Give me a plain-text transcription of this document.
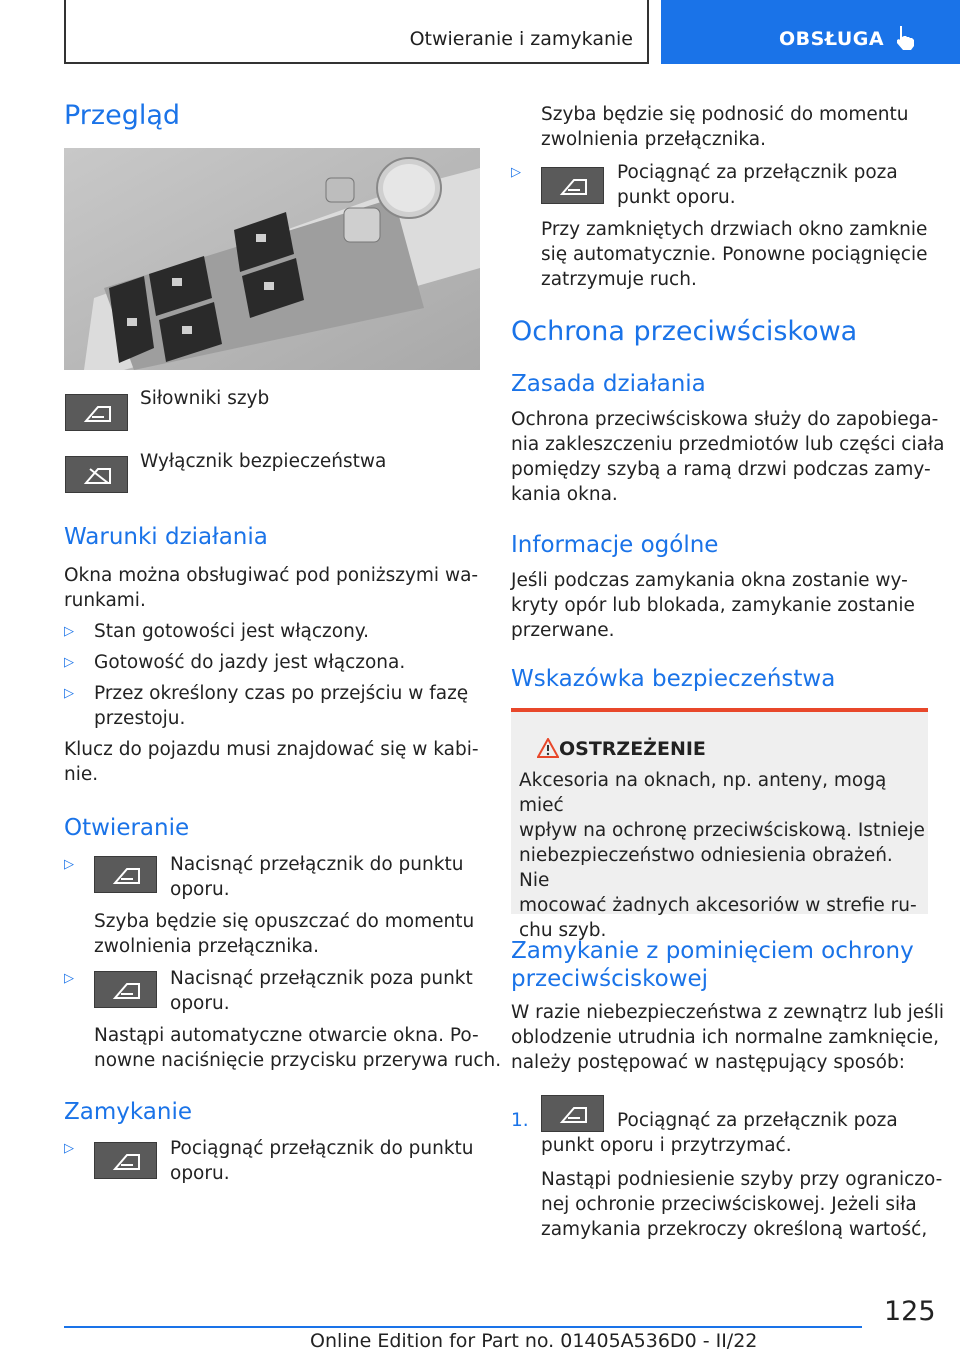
Otwieranie i zamykanie	OBSŁUGA
Przegląd
Siłowniki szyb
Wyłącznik bezpieczeństwa
Warunki działania
Okna można obsługiwać pod poniższymi wa-
runkami.
▷ Stan gotowości jest włączony.
▷ Gotowość do jazdy jest włączona.
▷ Przez określony czas po przejściu w fazę
przestoju.
Klucz do pojazdu musi znajdować się w kabi-
nie.
Otwieranie
▷	Nacisnąć przełącznik do punktu
oporu.
Szyba będzie się opuszczać do momentu
zwolnienia przełącznika.
▷	Nacisnąć przełącznik poza punkt
oporu.
Nastąpi automatyczne otwarcie okna. Po-
nowne naciśnięcie przycisku przerywa ruch.
Zamykanie
▷	Pociągnąć przełącznik do punktu
oporu.
Szyba będzie się podnosić do momentu
zwolnienia przełącznika.
▷	Pociągnąć za przełącznik poza
punkt oporu.
Przy zamkniętych drzwiach okno zamknie
się automatycznie. Ponowne pociągnięcie
zatrzymuje ruch.
Ochrona przeciwściskowa
Zasada działania
Ochrona przeciwściskowa służy do zapobiega-
nia zakleszczeniu przedmiotów lub części ciała
pomiędzy szybą a ramą drzwi podczas zamy-
kania okna.
Informacje ogólne
Jeśli podczas zamykania okna zostanie wy-
kryty opór lub blokada, zamykanie zostanie
przerwane.
Wskazówka bezpieczeństwa
OSTRZEŻENIE
Akcesoria na oknach, np. anteny, mogą mieć
wpływ na ochronę przeciwściskową. Istnieje
niebezpieczeństwo odniesienia obrażeń. Nie
mocować żadnych akcesoriów w strefie ru-
chu szyb.
Zamykanie z pominięciem ochrony
przeciwściskowej
W razie niebezpieczeństwa z zewnątrz lub jeśli
oblodzenie utrudnia ich normalne zamknięcie,
należy postępować w następujący sposób:
1.	Pociągnąć za przełącznik poza
punkt oporu i przytrzymać.
Nastąpi podniesienie szyby przy ograniczo-
nej ochronie przeciwściskowej. Jeżeli siła
zamykania przekroczy określoną wartość,
125
Online Edition for Part no. 01405A536D0 - II/22
